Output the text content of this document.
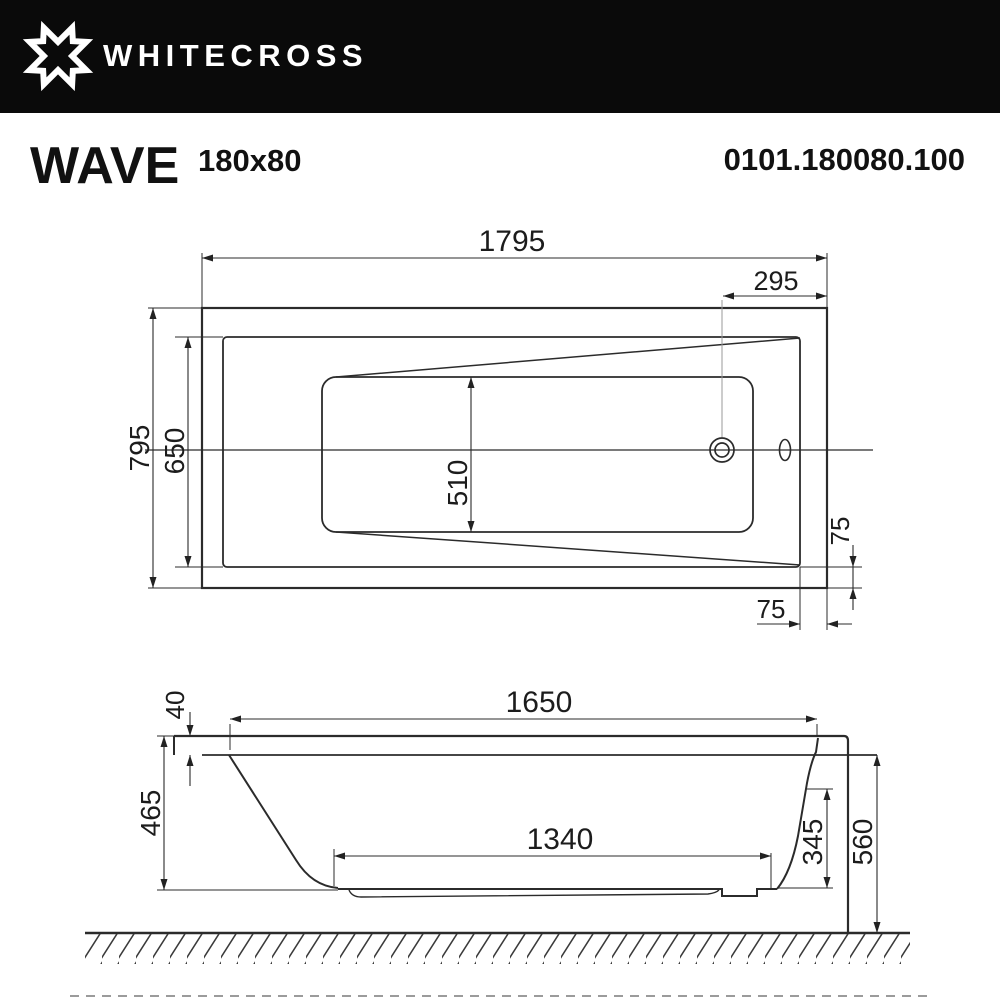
WHITECROSS
WAVE 180x80	0101.180080.100
1795
295
795 650
510
75
75
1650
40
465
1340	345 560
